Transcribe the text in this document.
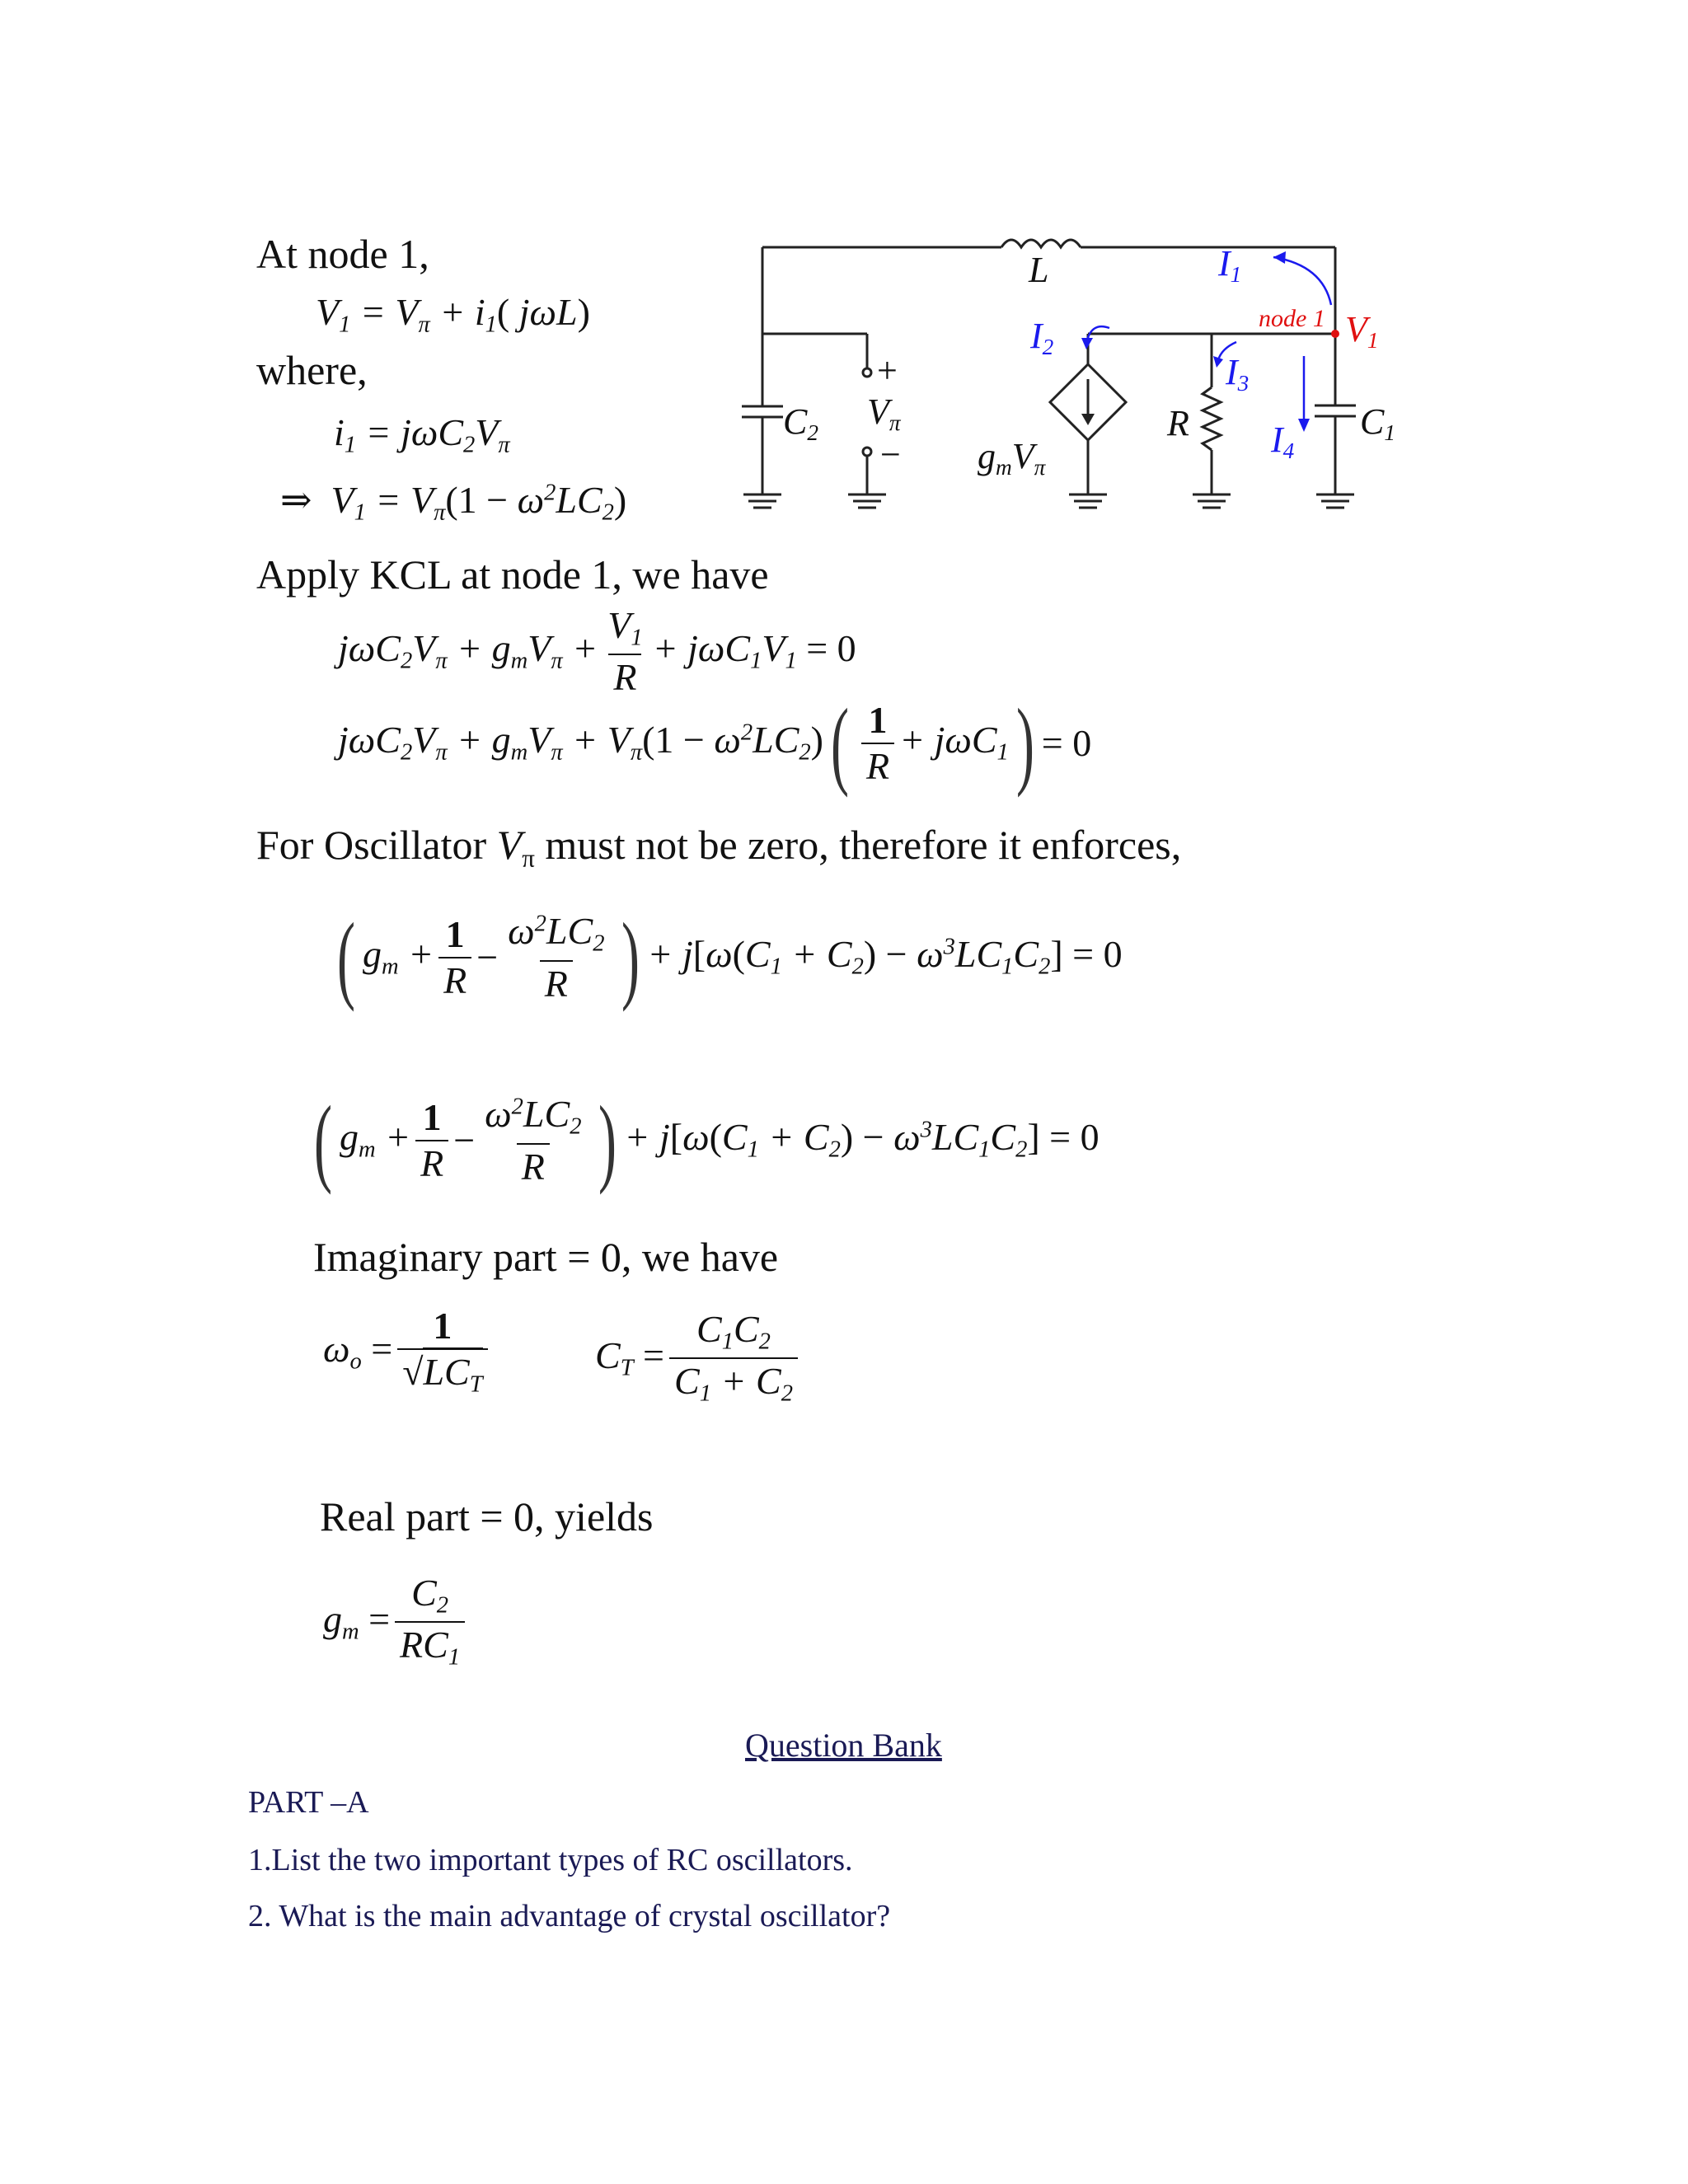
At node 1,
$V_1 = V_\pi + i_1$( jωL)
where,
$i_1 = j\omega C_2V_\pi$
⇒  $V_1 = V_\pi(1 - \omega^2LC_2)$
L	$I_1$
node 1 $V_1$
$I_2$
$I_3$
+
$C_2$
$V_\pi$
− $g_mV_\pi$
R $I_4$
$C_1$
Apply KCL at node 1, we have
$j\omega C_2V_\pi + g_mV_\pi + \frac{V_1}{R} + j\omega C_1V_1 = 0$
$j\omega C_2V_\pi + g_mV_\pi + V_\pi(1 - \omega^2LC_2)$ ( $\frac{1}{R} + j\omega C_1$ ) = 0
For Oscillator $V_\pi$ must not be zero, therefore it enforces,
( $g_m + \frac{1}{R} - \frac{\omega^2LC_2}{R}$ ) + $j[\omega(C_1 + C_2) - \omega^3LC_1C_2] = 0$
( $g_m + \frac{1}{R} - \frac{\omega^2LC_2}{R}$ ) + $j[\omega(C_1 + C_2) - \omega^3LC_1C_2] = 0$
Imaginary part = 0, we have
$\omega_o = \frac{1}{√LC_T}$	$C_T = \frac{C_1C_2}{C_1 + C_2}$
Real part = 0, yields
$g_m = \frac{C_2}{RC_1}$
Question Bank
PART –A
1.List the two important types of RC oscillators.
2. What is the main advantage of crystal oscillator?
